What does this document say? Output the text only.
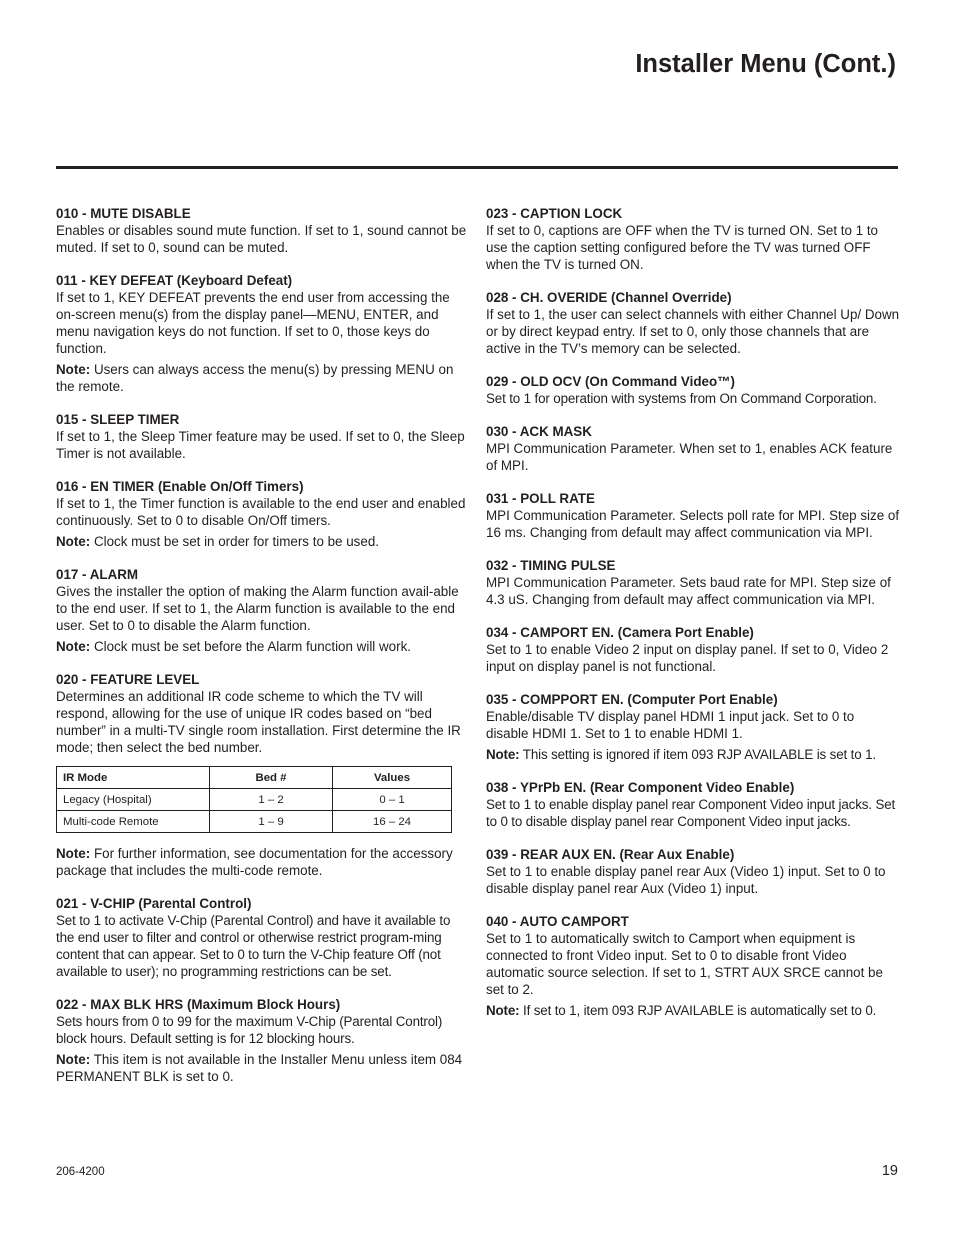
Installer Menu (Cont.)

010 - MUTE DISABLE

Enables or disables sound mute function. If set to 1, sound cannot be muted. If set to 0, sound can be muted.

011 - KEY DEFEAT (Keyboard Defeat)

If set to 1, KEY DEFEAT prevents the end user from accessing the on-screen menu(s) from the display panel—MENU, ENTER, and menu navigation keys do not function. If set to 0, those keys do function.

Note: Users can always access the menu(s) by pressing MENU on the remote.

015 - SLEEP TIMER

If set to 1, the Sleep Timer feature may be used. If set to 0, the Sleep Timer is not available.

016 - EN TIMER (Enable On/Off Timers)

If set to 1, the Timer function is available to the end user and enabled continuously. Set to 0 to disable On/Off timers.

Note: Clock must be set in order for timers to be used.

017 - ALARM

Gives the installer the option of making the Alarm function avail-able to the end user. If set to 1, the Alarm function is available to the end user. Set to 0 to disable the Alarm function.

Note: Clock must be set before the Alarm function will work.

020 - FEATURE LEVEL

Determines an additional IR code scheme to which the TV will respond, allowing for the use of unique IR codes based on “bed number” in a multi-TV single room installation. First determine the IR mode; then select the bed number.

IR Mode	Bed #	Values
Legacy (Hospital)	1 – 2	0 – 1
Multi-code Remote	1 – 9	16 – 24

Note: For further information, see documentation for the accessory package that includes the multi-code remote.

021 - V-CHIP (Parental Control)

Set to 1 to activate V-Chip (Parental Control) and have it available to the end user to filter and control or otherwise restrict program-ming content that can appear. Set to 0 to turn the V-Chip feature Off (not available to user); no programming restrictions can be set.

022 - MAX BLK HRS (Maximum Block Hours)

Sets hours from 0 to 99 for the maximum V-Chip (Parental Control) block hours. Default setting is for 12 blocking hours.

Note: This item is not available in the Installer Menu unless item 084 PERMANENT BLK is set to 0.

023 - CAPTION LOCK

If set to 0, captions are OFF when the TV is turned ON. Set to 1 to use the caption setting configured before the TV was turned OFF when the TV is turned ON.

028 - CH. OVERIDE (Channel Override)

If set to 1, the user can select channels with either Channel Up/ Down or by direct keypad entry. If set to 0, only those channels that are active in the TV’s memory can be selected.

029 - OLD OCV (On Command Video™)

Set to 1 for operation with systems from On Command Corporation.

030 - ACK MASK

MPI Communication Parameter. When set to 1, enables ACK feature of MPI.

031 - POLL RATE

MPI Communication Parameter. Selects poll rate for MPI. Step size of 16 ms. Changing from default may affect communication via MPI.

032 - TIMING PULSE

MPI Communication Parameter. Sets baud rate for MPI. Step size of 4.3 uS. Changing from default may affect communication via MPI.

034 - CAMPORT EN. (Camera Port Enable)

Set to 1 to enable Video 2 input on display panel. If set to 0, Video 2 input on display panel is not functional.

035 - COMPPORT EN. (Computer Port Enable)

Enable/disable TV display panel HDMI 1 input jack. Set to 0 to disable HDMI 1. Set to 1 to enable HDMI 1.

Note: This setting is ignored if item 093 RJP AVAILABLE is set to 1.

038 - YPrPb EN. (Rear Component Video Enable)

Set to 1 to enable display panel rear Component Video input jacks. Set to 0 to disable display panel rear Component Video input jacks.

039 - REAR AUX EN. (Rear Aux Enable)

Set to 1 to enable display panel rear Aux (Video 1) input. Set to 0 to disable display panel rear Aux (Video 1) input.

040 - AUTO CAMPORT

Set to 1 to automatically switch to Camport when equipment is connected to front Video input. Set to 0 to disable front Video automatic source selection. If set to 1, STRT AUX SRCE cannot be set to 2.

Note: If set to 1, item 093 RJP AVAILABLE is automatically set to 0.

206-4200	19
